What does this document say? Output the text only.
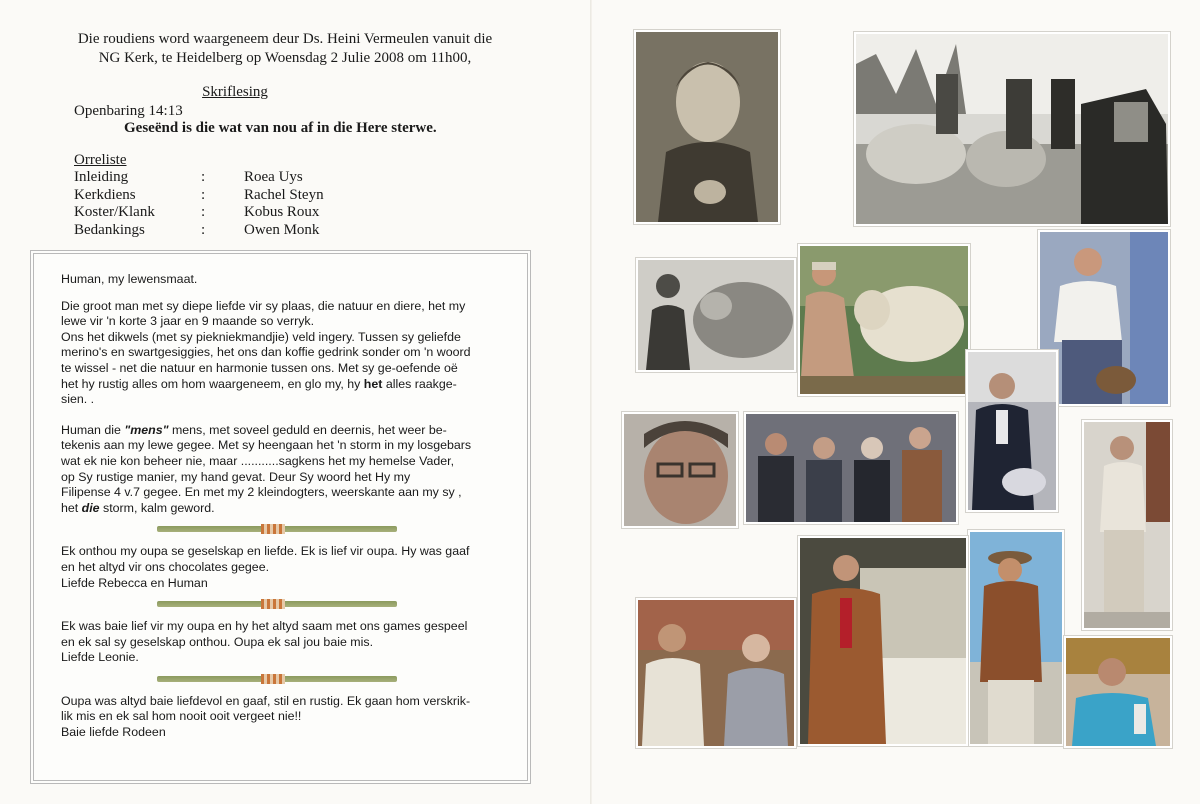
Die roudiens word waargeneem deur Ds. Heini Vermeulen vanuit die
NG Kerk, te Heidelberg op Woensdag 2 Julie 2008 om 11h00,
Skriflesing
Openbaring 14:13
Geseënd is die wat van nou af in die Here sterwe.
Orreliste
Inleiding	:	Roea Uys
Kerkdiens	:	Rachel Steyn
Koster/Klank	:	Kobus Roux
Bedankings	:	Owen Monk

Human, my lewensmaat.

Die groot man met sy diepe liefde vir sy plaas, die natuur en diere, het my
lewe vir 'n korte 3 jaar en 9 maande so verryk.
Ons het dikwels (met sy piekniekmandjie) veld ingery. Tussen sy geliefde
merino's en swartgesiggies, het ons dan koffie gedrink sonder om 'n woord
te wissel - net die natuur en harmonie tussen ons. Met sy ge-oefende oë
het hy rustig alles om hom waargeneem, en glo my, hy het alles raakge-
sien. .

Human die "mens" mens, met soveel geduld en deernis, het weer be-
tekenis aan my lewe gegee. Met sy heengaan het 'n storm in my losgebars
wat ek nie kon beheer nie, maar ...........sagkens het my hemelse Vader,
op Sy rustige manier, my hand gevat. Deur Sy woord het Hy my
Filipense 4 v.7 gegee. En met my 2 kleindogters, weerskante aan my sy ,
het die storm, kalm geword.

Ek onthou my oupa se geselskap en liefde. Ek is lief vir oupa. Hy was gaaf
en het altyd vir ons chocolates gegee.
Liefde Rebecca en Human

Ek was baie lief vir my oupa en hy het altyd saam met ons games gespeel
en ek sal sy geselskap onthou. Oupa ek sal jou baie mis.
Liefde Leonie.

Oupa was altyd baie liefdevol en gaaf, stil en rustig. Ek gaan hom verskrik-
lik mis en ek sal hom nooit ooit vergeet nie!!
Baie liefde Rodeen
